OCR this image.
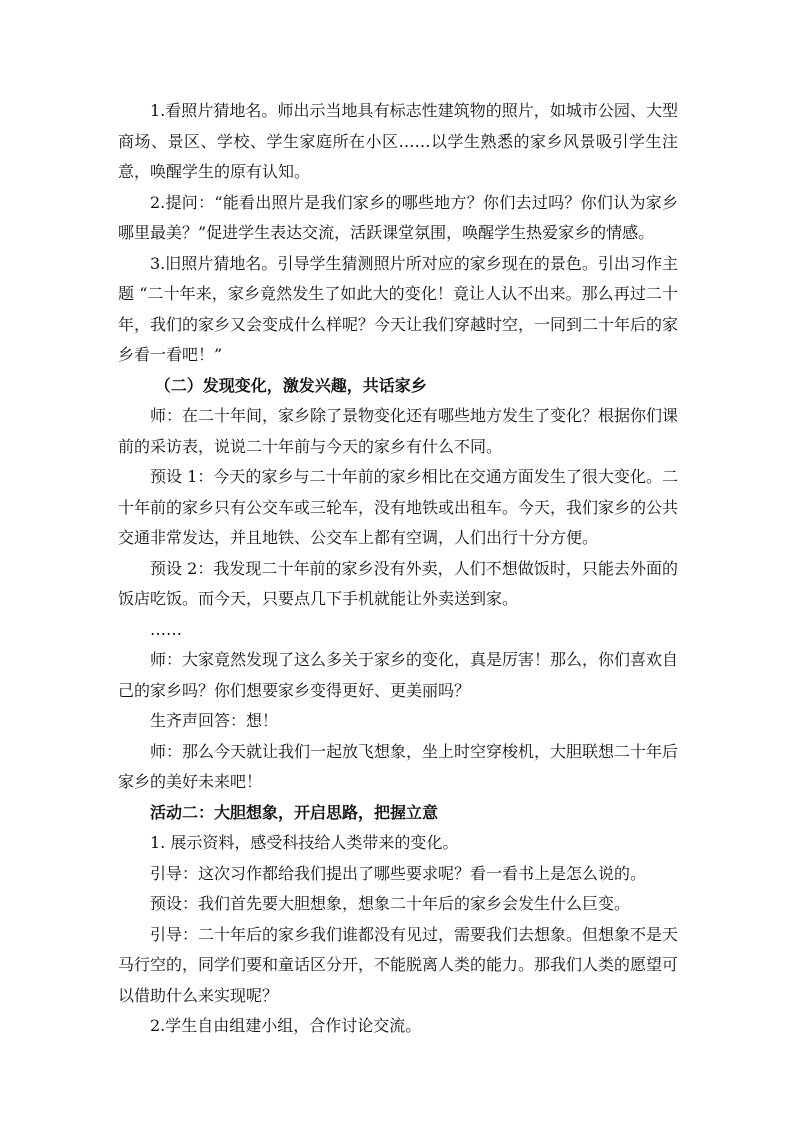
1.看照片猜地名。师出示当地具有标志性建筑物的照片，如城市公园、大型商场、景区、学校、学生家庭所在小区……以学生熟悉的家乡风景吸引学生注意，唤醒学生的原有认知。

2.提问：“能看出照片是我们家乡的哪些地方？你们去过吗？你们认为家乡哪里最美？”促进学生表达交流，活跃课堂氛围，唤醒学生热爱家乡的情感。

3.旧照片猜地名。引导学生猜测照片所对应的家乡现在的景色。引出习作主题 “二十年来，家乡竟然发生了如此大的变化！竟让人认不出来。那么再过二十年，我们的家乡又会变成什么样呢？今天让我们穿越时空，一同到二十年后的家乡看一看吧！”

（二）发现变化，激发兴趣，共话家乡

师：在二十年间，家乡除了景物变化还有哪些地方发生了变化？根据你们课前的采访表，说说二十年前与今天的家乡有什么不同。

预设 1：今天的家乡与二十年前的家乡相比在交通方面发生了很大变化。二十年前的家乡只有公交车或三轮车，没有地铁或出租车。今天，我们家乡的公共交通非常发达，并且地铁、公交车上都有空调，人们出行十分方便。

预设 2：我发现二十年前的家乡没有外卖，人们不想做饭时，只能去外面的饭店吃饭。而今天，只要点几下手机就能让外卖送到家。

……

师：大家竟然发现了这么多关于家乡的变化，真是厉害！那么，你们喜欢自己的家乡吗？你们想要家乡变得更好、更美丽吗？

生齐声回答：想！

师：那么今天就让我们一起放飞想象，坐上时空穿梭机，大胆联想二十年后家乡的美好未来吧！

活动二：大胆想象，开启思路，把握立意

1. 展示资料，感受科技给人类带来的变化。

引导：这次习作都给我们提出了哪些要求呢？看一看书上是怎么说的。

预设：我们首先要大胆想象，想象二十年后的家乡会发生什么巨变。

引导：二十年后的家乡我们谁都没有见过，需要我们去想象。但想象不是天马行空的，同学们要和童话区分开，不能脱离人类的能力。那我们人类的愿望可以借助什么来实现呢？

2.学生自由组建小组，合作讨论交流。
